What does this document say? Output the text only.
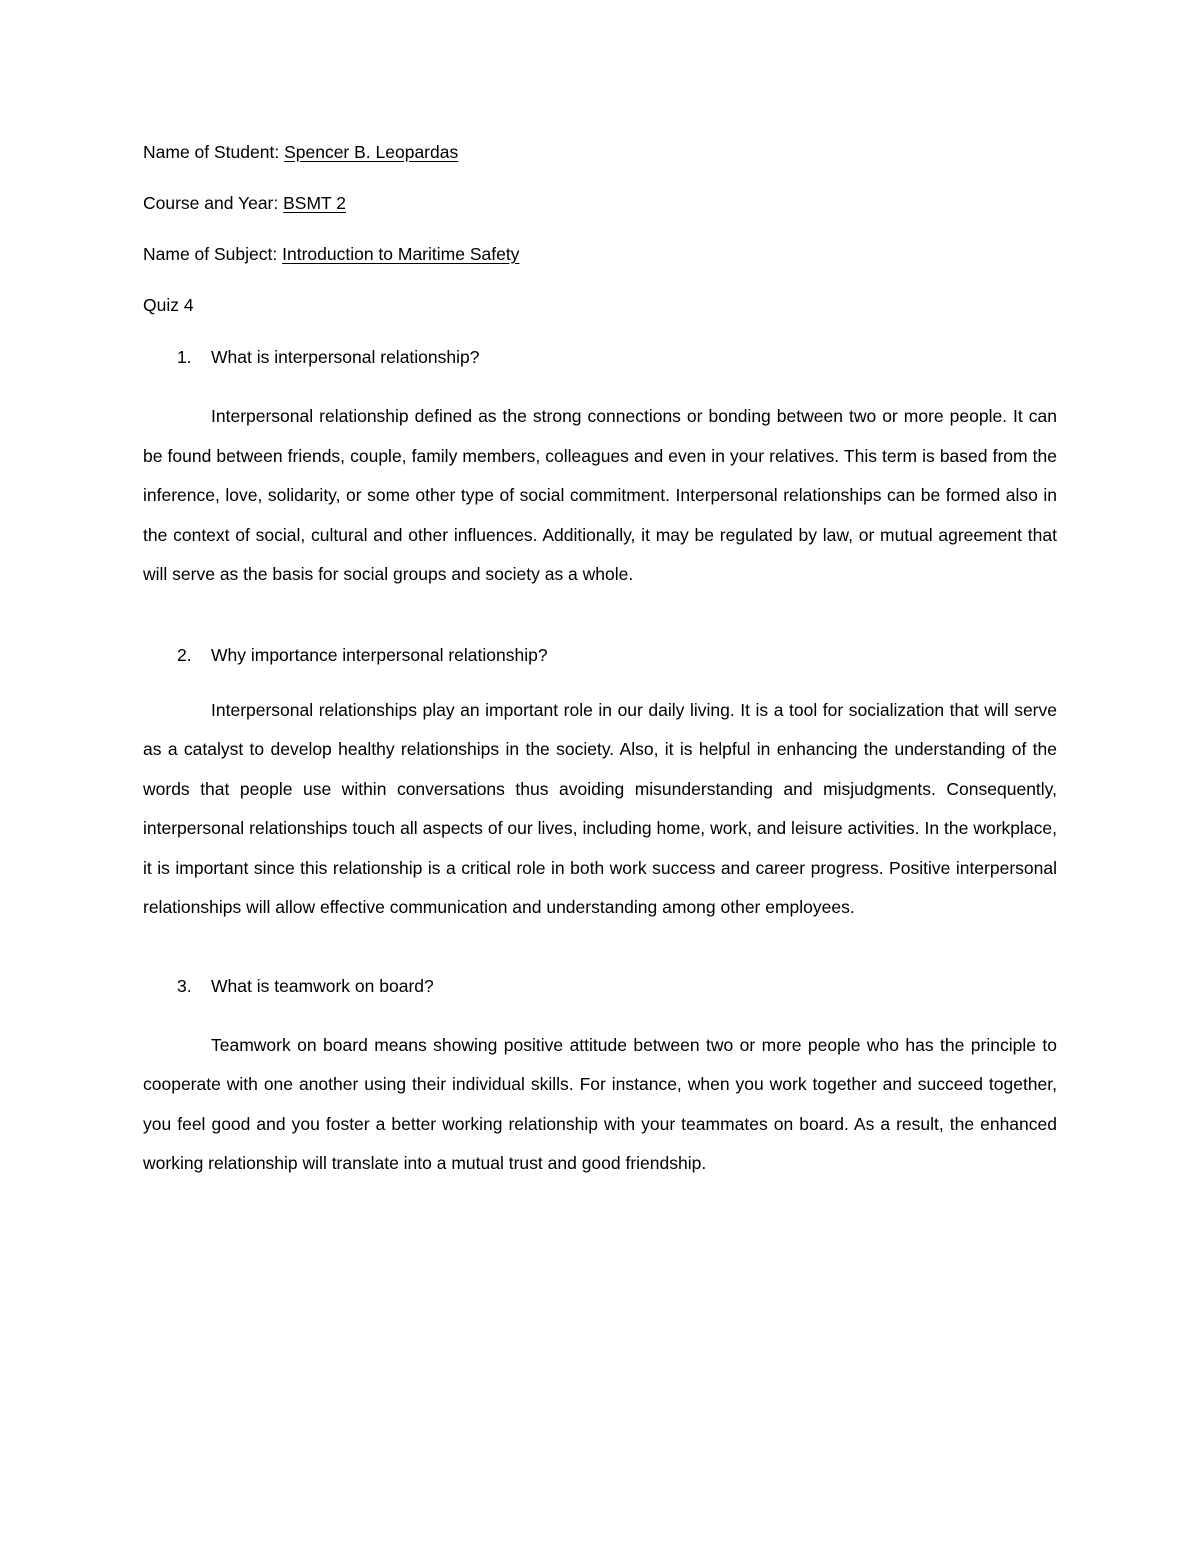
Name of Student: Spencer B. Leopardas

Course and Year: BSMT 2

Name of Subject: Introduction to Maritime Safety

Quiz 4

1.	What is interpersonal relationship?

Interpersonal relationship defined as the strong connections or bonding between two or more people. It can be found between friends, couple, family members, colleagues and even in your relatives. This term is based from the inference, love, solidarity, or some other type of social commitment. Interpersonal relationships can be formed also in the context of social, cultural and other influences. Additionally, it may be regulated by law, or mutual agreement that will serve as the basis for social groups and society as a whole.

2.	Why importance interpersonal relationship?

Interpersonal relationships play an important role in our daily living. It is a tool for socialization that will serve as a catalyst to develop healthy relationships in the society. Also, it is helpful in enhancing the understanding of the words that people use within conversations thus avoiding misunderstanding and misjudgments. Consequently, interpersonal relationships touch all aspects of our lives, including home, work, and leisure activities. In the workplace, it is important since this relationship is a critical role in both work success and career progress. Positive interpersonal relationships will allow effective communication and understanding among other employees.

3.	What is teamwork on board?

Teamwork on board means showing positive attitude between two or more people who has the principle to cooperate with one another using their individual skills. For instance, when you work together and succeed together, you feel good and you foster a better working relationship with your teammates on board. As a result, the enhanced working relationship will translate into a mutual trust and good friendship.
